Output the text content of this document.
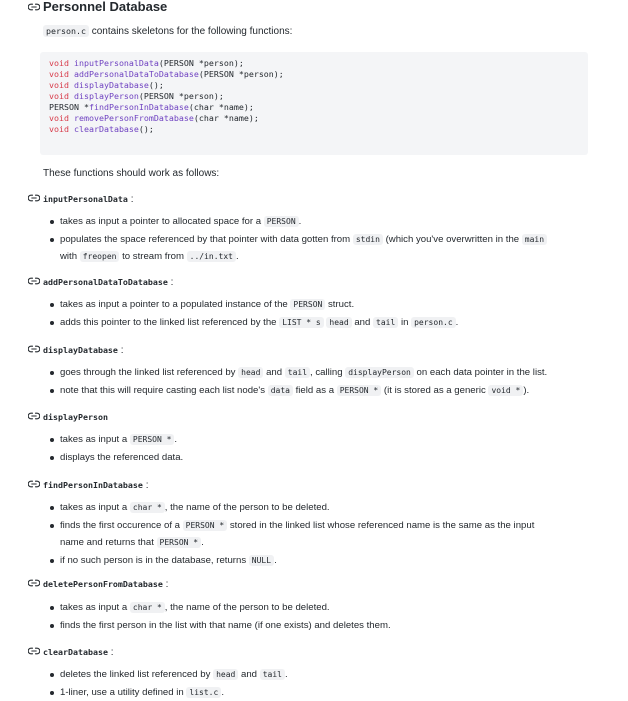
Personnel Database
person.c contains skeletons for the following functions:
void inputPersonalData(PERSON *person);
void addPersonalDataToDatabase(PERSON *person);
void displayDatabase();
void displayPerson(PERSON *person);
PERSON *findPersonInDatabase(char *name);
void removePersonFromDatabase(char *name);
void clearDatabase();
These functions should work as follows:
inputPersonalData :
takes as input a pointer to allocated space for a PERSON .
populates the space referenced by that pointer with data gotten from stdin (which you've overwritten in the main
with freopen to stream from ../in.txt .
addPersonalDataToDatabase :
takes as input a pointer to a populated instance of the PERSON struct.
adds this pointer to the linked list referenced by the LIST * s head and tail in person.c .
displayDatabase :
goes through the linked list referenced by head and tail , calling displayPerson on each data pointer in the list.
note that this will require casting each list node's data field as a PERSON * (it is stored as a generic void * ).
displayPerson
takes as input a PERSON * .
displays the referenced data.
findPersonInDatabase :
takes as input a char * , the name of the person to be deleted.
finds the first occurence of a PERSON * stored in the linked list whose referenced name is the same as the input
name and returns that PERSON * .
if no such person is in the database, returns NULL .
deletePersonFromDatabase :
takes as input a char * , the name of the person to be deleted.
finds the first person in the list with that name (if one exists) and deletes them.
clearDatabase :
deletes the linked list referenced by head and tail .
1-liner, use a utility defined in list.c .
